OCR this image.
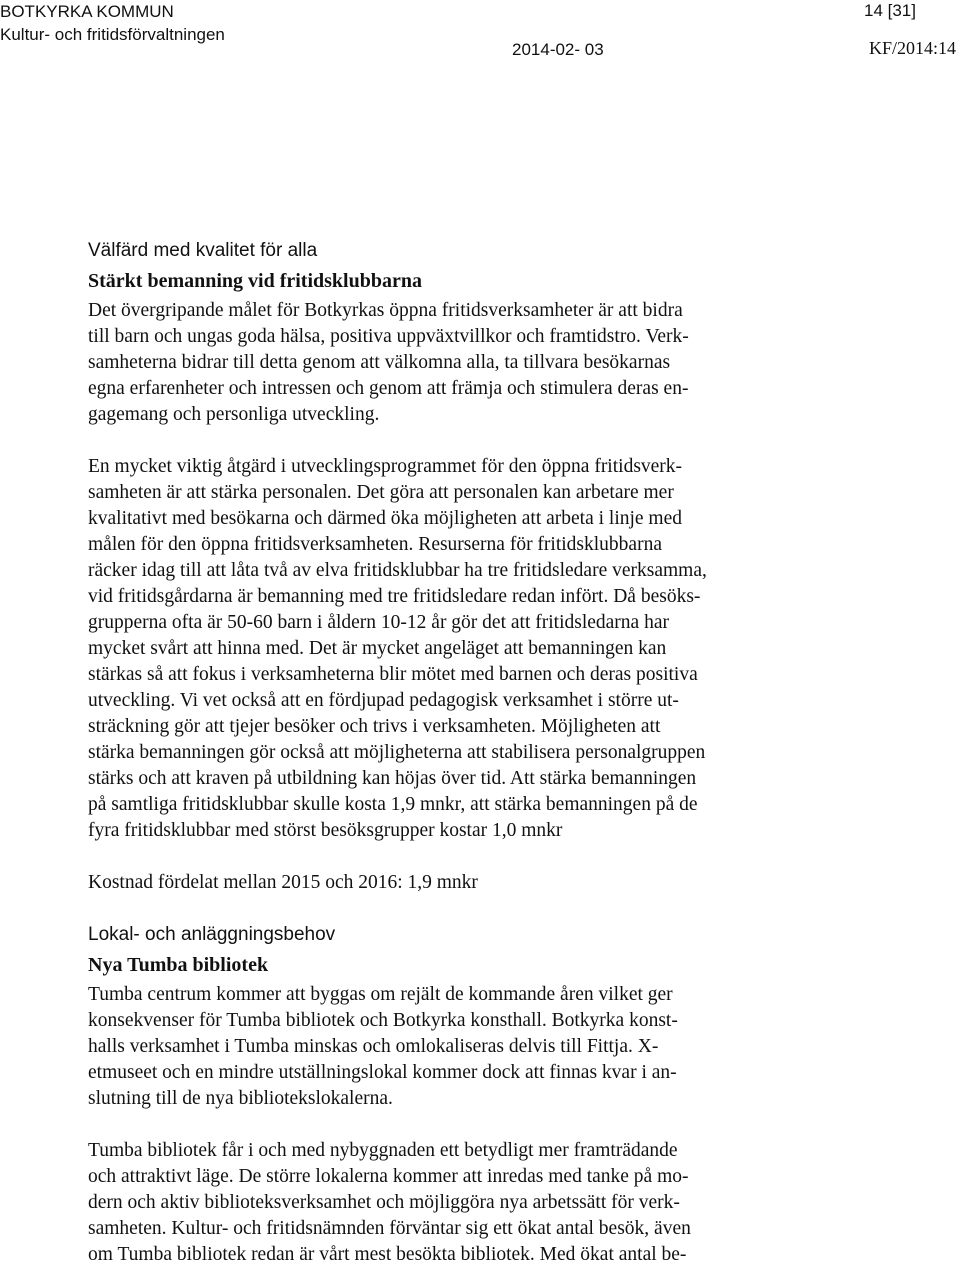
BOTKYRKA KOMMUN
Kultur- och fritidsförvaltningen
14 [31]
2014-02- 03	KF/2014:14
Välfärd med kvalitet för alla
Stärkt bemanning vid fritidsklubbarna

Det övergripande målet för Botkyrkas öppna fritidsverksamheter är att bidra
till barn och ungas goda hälsa, positiva uppväxtvillkor och framtidstro. Verk-
samheterna bidrar till detta genom att välkomna alla, ta tillvara besökarnas
egna erfarenheter och intressen och genom att främja och stimulera deras en-
gagemang och personliga utveckling.

En mycket viktig åtgärd i utvecklingsprogrammet för den öppna fritidsverk-
samheten är att stärka personalen. Det göra att personalen kan arbetare mer
kvalitativt med besökarna och därmed öka möjligheten att arbeta i linje med
målen för den öppna fritidsverksamheten. Resurserna för fritidsklubbarna
räcker idag till att låta två av elva fritidsklubbar ha tre fritidsledare verksamma,
vid fritidsgårdarna är bemanning med tre fritidsledare redan infört. Då besöks-
grupperna ofta är 50-60 barn i åldern 10-12 år gör det att fritidsledarna har
mycket svårt att hinna med. Det är mycket angeläget att bemanningen kan
stärkas så att fokus i verksamheterna blir mötet med barnen och deras positiva
utveckling. Vi vet också att en fördjupad pedagogisk verksamhet i större ut-
sträckning gör att tjejer besöker och trivs i verksamheten. Möjligheten att
stärka bemanningen gör också att möjligheterna att stabilisera personalgruppen
stärks och att kraven på utbildning kan höjas över tid. Att stärka bemanningen
på samtliga fritidsklubbar skulle kosta 1,9 mnkr, att stärka bemanningen på de
fyra fritidsklubbar med störst besöksgrupper kostar 1,0 mnkr

Kostnad fördelat mellan 2015 och 2016: 1,9 mnkr

Lokal- och anläggningsbehov
Nya Tumba bibliotek

Tumba centrum kommer att byggas om rejält de kommande åren vilket ger
konsekvenser för Tumba bibliotek och Botkyrka konsthall. Botkyrka konst-
halls verksamhet i Tumba minskas och omlokaliseras delvis till Fittja. X-
etmuseet och en mindre utställningslokal kommer dock att finnas kvar i an-
slutning till de nya bibliotekslokalerna.

Tumba bibliotek får i och med nybyggnaden ett betydligt mer framträdande
och attraktivt läge. De större lokalerna kommer att inredas med tanke på mo-
dern och aktiv biblioteksverksamhet och möjliggöra nya arbetssätt för verk-
samheten. Kultur- och fritidsnämnden förväntar sig ett ökat antal besök, även
om Tumba bibliotek redan är vårt mest besökta bibliotek. Med ökat antal be-
